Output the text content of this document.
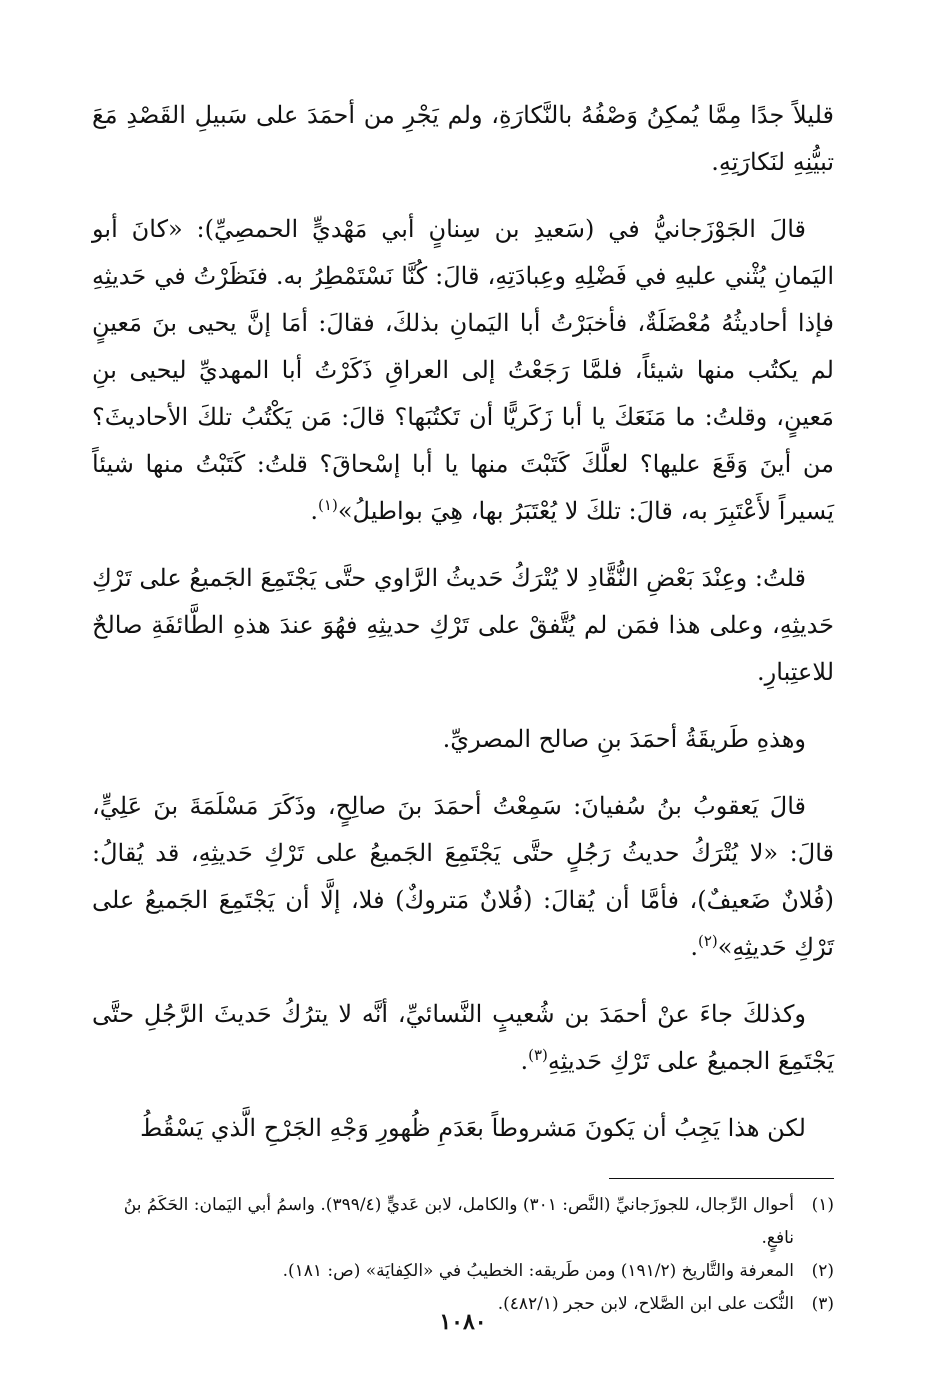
قليلاً جدًا مِمَّا يُمكِنُ وَصْفُهُ بالنَّكارَةِ، ولم يَجْرِ من أحمَدَ على سَبيلِ القَصْدِ مَعَ تبيُّنِهِ لنَكارَتِهِ.

قالَ الجَوْزَجانيُّ في (سَعيدِ بن سِنانٍ أبي مَهْديٍّ الحمصِيِّ): «كانَ أبو اليَمانِ يُثْني عليهِ في فَضْلِهِ وعِبادَتِهِ، قالَ: كُنَّا نَسْتَمْطِرُ به. فنَظَرْتُ في حَديثِهِ فإذا أحاديثُهُ مُعْضَلَةٌ، فأخبَرْتُ أبا اليَمانِ بذلكَ، فقالَ: أمَا إنَّ يحيى بنَ مَعينٍ لم يكتُب منها شيئاً، فلمَّا رَجَعْتُ إلى العراقِ ذَكَرْتُ أبا المهديِّ ليحيى بنِ مَعينٍ، وقلتُ: ما مَنَعَكَ يا أبا زَكَريًّا أن تَكتُبَها؟ قالَ: مَن يَكْتُبُ تلكَ الأحاديثَ؟ من أينَ وَقَعَ عليها؟ لعلَّكَ كَتَبْتَ منها يا أبا إسْحاقَ؟ قلتُ: كَتَبْتُ منها شيئاً يَسيراً لأَعْتَبِرَ به، قالَ: تلكَ لا يُعْتَبَرُ بها، هِيَ بواطيلُ»$^{(١)}$.

قلتُ: وعِنْدَ بَعْضِ النُّقَّادِ لا يُتْرَكُ حَديثُ الرَّاوي حتَّى يَجْتَمِعَ الجَميعُ على تَرْكِ حَديثِهِ، وعلى هذا فمَن لم يُتَّفقْ على تَرْكِ حديثِهِ فهُوَ عندَ هذهِ الطَّائفَةِ صالحٌ للاعتِبارِ.

وهذهِ طَريقَةُ أحمَدَ بنِ صالح المصريِّ.

قالَ يَعقوبُ بنُ سُفيانَ: سَمِعْتُ أحمَدَ بنَ صالِحٍ، وذَكَرَ مَسْلَمَةَ بنَ عَلِيٍّ، قالَ: «لا يُتْرَكُ حديثُ رَجُلٍ حتَّى يَجْتَمِعَ الجَميعُ على تَرْكِ حَديثِهِ، قد يُقالُ: (فُلانٌ ضَعيفٌ)، فأمَّا أن يُقالَ: (فُلانٌ مَتروكٌ) فلا، إلَّا أن يَجْتَمِعَ الجَميعُ على تَرْكِ حَديثِهِ»$^{(٢)}$.

وكذلكَ جاءَ عنْ أحمَدَ بن شُعيبٍ النَّسائيِّ، أنَّه لا يترُكُ حَديثَ الرَّجُلِ حتَّى يَجْتَمِعَ الجميعُ على تَرْكِ حَديثِهِ$^{(٣)}$.

لكن هذا يَجِبُ أن يَكونَ مَشروطاً بعَدَمِ ظُهورِ وَجْهِ الجَرْحِ الَّذي يَسْقُطُ

(١)
أحوال الرِّجال، للجوزَجانيِّ (النَّص: ٣٠١) والكامل، لابن عَديٍّ (٣٩٩/٤). واسمُ أبي اليَمان: الحَكَمُ بنُ نافعٍ.
(٢)
المعرفة والتَّاريخ (١٩١/٢) ومن طَريقه: الخطيبُ في «الكِفايَة» (ص: ١٨١).
(٣)
النُّكت على ابن الصَّلاح، لابن حجر (٤٨٢/١).
١٠٨٠
